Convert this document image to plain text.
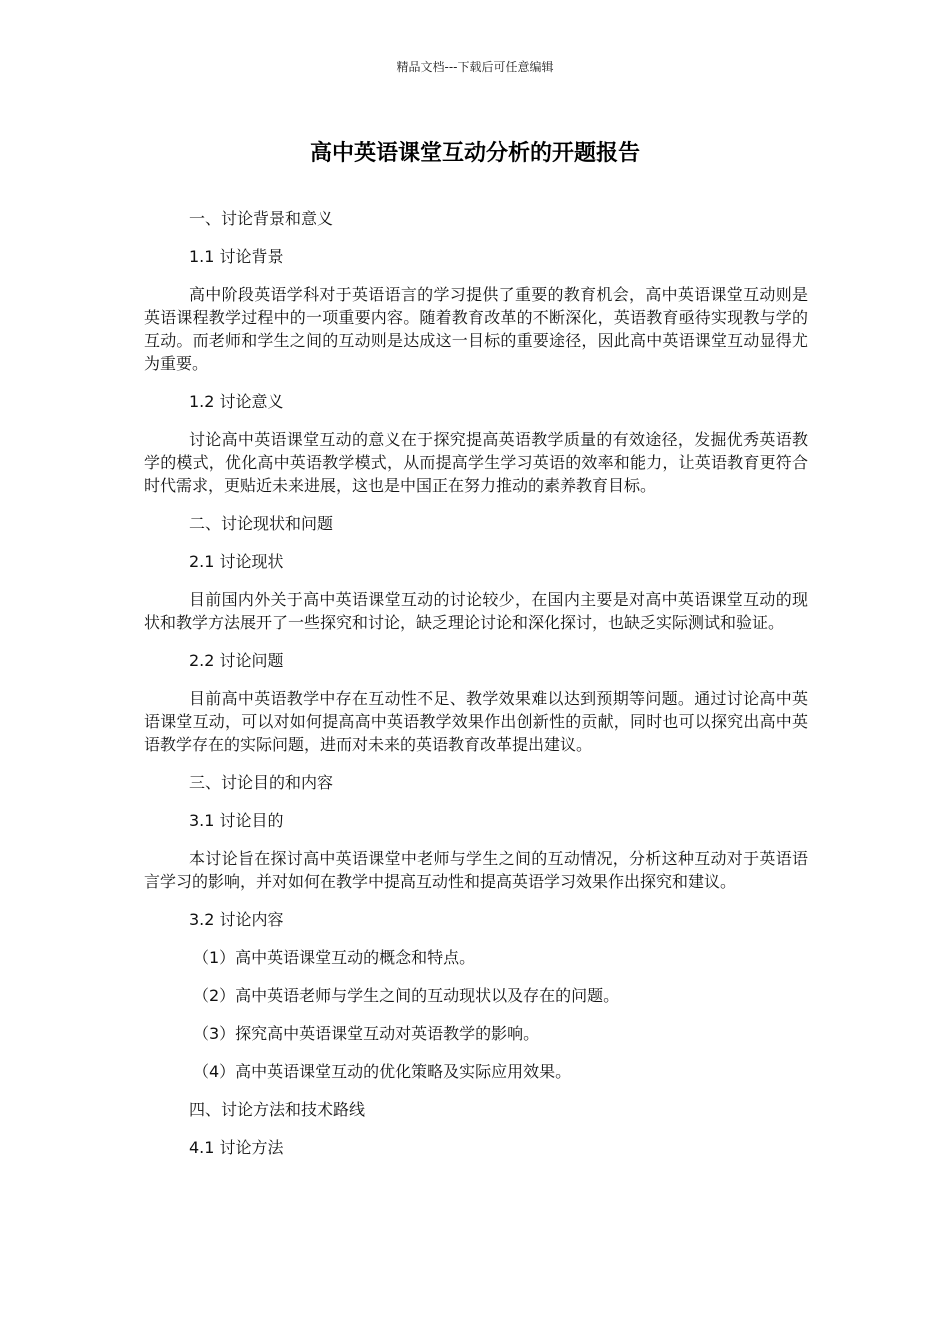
精品文档---下载后可任意编辑
高中英语课堂互动分析的开题报告

一、讨论背景和意义

1.1 讨论背景

高中阶段英语学科对于英语语言的学习提供了重要的教育机会，高中英语课堂互动则是英语课程教学过程中的一项重要内容。随着教育改革的不断深化，英语教育亟待实现教与学的互动。而老师和学生之间的互动则是达成这一目标的重要途径，因此高中英语课堂互动显得尤为重要。

1.2 讨论意义

讨论高中英语课堂互动的意义在于探究提高英语教学质量的有效途径，发掘优秀英语教学的模式，优化高中英语教学模式，从而提高学生学习英语的效率和能力，让英语教育更符合时代需求，更贴近未来进展，这也是中国正在努力推动的素养教育目标。

二、讨论现状和问题

2.1 讨论现状

目前国内外关于高中英语课堂互动的讨论较少，在国内主要是对高中英语课堂互动的现状和教学方法展开了一些探究和讨论，缺乏理论讨论和深化探讨，也缺乏实际测试和验证。

2.2 讨论问题

目前高中英语教学中存在互动性不足、教学效果难以达到预期等问题。通过讨论高中英语课堂互动，可以对如何提高高中英语教学效果作出创新性的贡献，同时也可以探究出高中英语教学存在的实际问题，进而对未来的英语教育改革提出建议。

三、讨论目的和内容

3.1 讨论目的

本讨论旨在探讨高中英语课堂中老师与学生之间的互动情况，分析这种互动对于英语语言学习的影响，并对如何在教学中提高互动性和提高英语学习效果作出探究和建议。

3.2 讨论内容

（1）高中英语课堂互动的概念和特点。

（2）高中英语老师与学生之间的互动现状以及存在的问题。

（3）探究高中英语课堂互动对英语教学的影响。

（4）高中英语课堂互动的优化策略及实际应用效果。

四、讨论方法和技术路线

4.1 讨论方法
